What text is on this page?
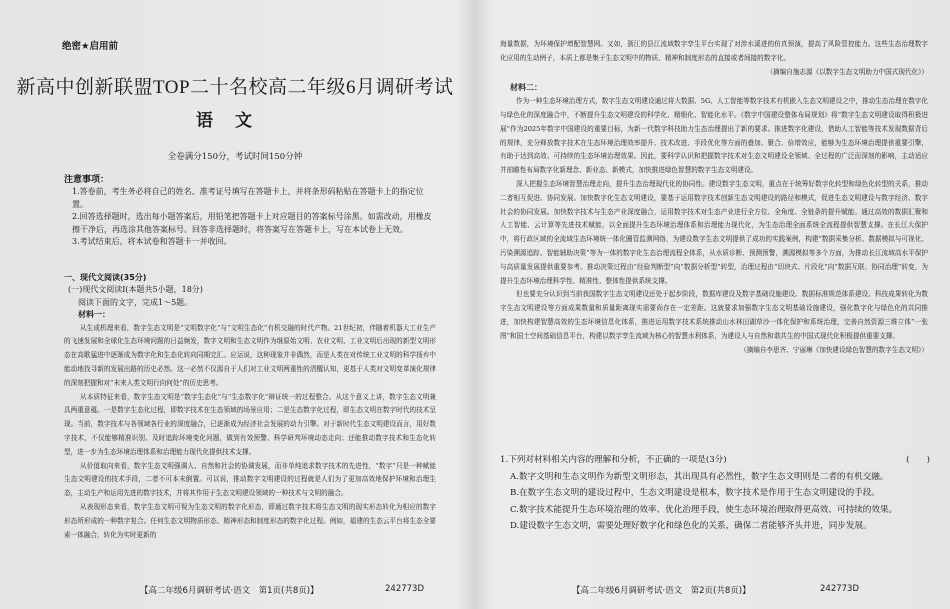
绝密★启用前
新高中创新联盟TOP二十名校高二年级6月调研考试
语文
全卷满分150分，考试时间150分钟
注意事项：
1.答卷前，考生务必将自己的姓名、准考证号填写在答题卡上，并将条形码粘贴在答题卡上的指定位置。
2.回答选择题时，选出每小题答案后，用铅笔把答题卡上对应题目的答案标号涂黑。如需改动，用橡皮擦干净后，再选涂其他答案标号。回答非选择题时，将答案写在答题卡上，写在本试卷上无效。
3.考试结束后，将本试卷和答题卡一并收回。
一、现代文阅读(35分)
(一)现代文阅读Ⅰ(本题共5小题，18分)
阅读下面的文字，完成1～5题。
材料一：

从生成机理来看，数字生态文明是“文明数字化”与“文明生态化”有机交融的时代产物。21世纪初，伴随着机器大工业生产的飞速发展和全球化生态环境问题的日益频发，数字文明和生态文明作为继原始文明、农业文明、工业文明后出现的新型文明形态在高歌猛进中逐渐成为数字化和生态化转向同期完汇。应运说，这种现象并非偶然，而是人类在对传统工业文明的科学扬弃中能动地找寻新的发展出路的历史必然。这一必然不仅源自于人们对工业文明两重性的清醒认知，更基于人类对文明变革演化规律的深刻把握和对“未来人类文明行向何处”的历史思考。

从本质特征来看，数字生态文明是“数字生态化”与“生态数字化”辩证统一的过程整合。从这个意义上讲，数字生态文明兼具两重意蕴。一是数字生态化过程，即数字技术在生态领域的场景应用；二是生态数字化过程，即生态文明在数字时代的技术呈现。当前，数字技术与各领域各行业的深度融合，已逐渐成为经济社会发展的动力引擎。对于新时代生态文明建设而言，用好数字技术，不仅能够精准识别、及时追踪环境变化问题，做到有效预警、科学研判环境动态走向；还能推动数字技术和生态化转型，进一步为生态环境治理体系和治理能力现代化提供技术支撑。

从价值取向来看，数字生态文明强调人、自然和社会的协调发展，而非单纯追求数字技术的先进性，“数字”只是一种赋能生态文明建设的技术手段，二者不可本末倒置。可以说，推动数字文明建设的过程就是人们为了更加高效地保护环境和治理生态，主动生产和运用先进的数字技术，并将其作用于生态文明建设领域的一种技术与文明的融合。

从表现形态来看，数字生态文明可视为生态文明的数字化形态，即通过数字技术将生态文明的现实形态转化为相应的数字形态所形成的一种数字复合。任何生态文明物质形态、精神形态和制度形态的数字化过程。例如，福建的生态云平台将生态全要素一体融合，转化为实时更新的

【高二年级6月调研考试·语文　第1页(共8页)】	242773D

海量数据，为环境保护增配智慧网。又如，浙江的县江流域数字孪生平台实现了对涉水溪进的仿真预演，提高了风险管控能力。这些生态治理数字化应用的生动例子，本质上都是集于生态文明中的物质、精神和制度形态的直接或者间接的数字化。

（摘编自施志源《以数字生态文明助力中国式现代化》）

材料二：

作为一种生态环境治理方式，数字生态文明建设通过将大数据、5G、人工智能等数字技术有机嵌入生态文明建设之中，推动生态治理在数字化与绿色化的深度融合中，不断提升生态文明建设的科学化、精细化、智能化水平。《数字中国建设整体布局规划》将“数字生态文明建设取得积极进展”作为2025年数字中国建设的重要目标，为新一代数字科技助力生态治理提出了新的要求。推进数字化建设，借助人工智能等技术发现数据背后的规律，充分释放数字技术在生态环境治理效率提升、技术改进、手段优化等方面的叠加、聚合、倍增效应，能够为生态环境治理提供重要引擎，有助于达到高效、可持续的生态环境治理效果。因此，要科学认识和把握数字技术对生态文明建设全领域、全过程的广泛而深刻的影响，主动适应并前瞻性布局数字化新理念、新业态、新模式，加快推进绿色智慧的数字生态文明建设。

深入把握生态环境智慧治理走向，提升生态治理现代化的协同性。建设数字生态文明，重点在于统筹好数字化转型和绿色化转型的关系，推动二者相互促进、协同发展。加快数字化生态文明建设，要基于运用数字技术创新生态文明建设的路径和模式，促进生态文明建设与数字经济、数字社会的协同发展。加快数字技术与生态产业深度融合，运用数字技术对生态产业进行全方位、全角度、全链条的提升赋能。通过高效的数据汇聚和人工智能、云计算等先进技术赋能，以全面提升生态环境治理体系和治理能力现代化，为生态治理全面系统全流程提供智慧支撑。在长江大保护中，将行政区域的全流域生态环境统一体化圈管监测网络，为建设数字生态文明提供了成功的实践案例，构建“数据采集分析、数据模拟与可视化、污染溯源追踪、智能辅助决策”等为一体的数字化生态治理流程全体系，从水质诊断、预测预警，溯源模拟等多个方面，为推动长江流域高水平保护与高质量发展提供重要参考。推动决策过程由“经验判断型”向“数据分析型”转型，治理过程由“切块式、片段化”向“数据互联、协同治理”转变，为提升生态环境治理科学性、精准性、整体性提供系统支撑。

但也要充分认识到当前我国数字生态文明建设还处于起步阶段，数据库建设及数字基础设施建设、数据标准规范体系建设、科技成果转化为数字生态文明建设等方面成果数量和质量距离现实需要尚存在一定差距。这就要求加强数字生态文明基础设施建设，强化数字化与绿色化的共同推进，加快构建智慧高效的生态环境信息化体系，推进运用数字技术系统推动山水林田湖草沙一体化保护和系统治理，完善自然资源三维立体“一张图”和国土空间基础信息平台，构建以数字孪生流域为核心的智慧水利体系，为建设人与自然和谐共生的中国式现代化积极提供重要支撑。

（摘编自李思齐、宁丽琳《加快建设绿色智慧的数字生态文明》）

1.下列对材料相关内容的理解和分析，不正确的一项是(3分)	(　　)
A.数字文明和生态文明作为新型文明形态，其出现具有必然性，数字生态文明则是二者的有机交融。
B.在数字生态文明的建设过程中，生态文明建设是根本，数字技术是作用于生态文明建设的手段。
C.数字技术能提升生态环境治理的效率、优化治理手段，使生态环境治理取得更高效、可持续的效果。
D.建设数字生态文明，需要处理好数字化和绿色化的关系，确保二者能够齐头并进，同步发展。
【高二年级6月调研考试·语文　第2页(共8页)】	242773D
